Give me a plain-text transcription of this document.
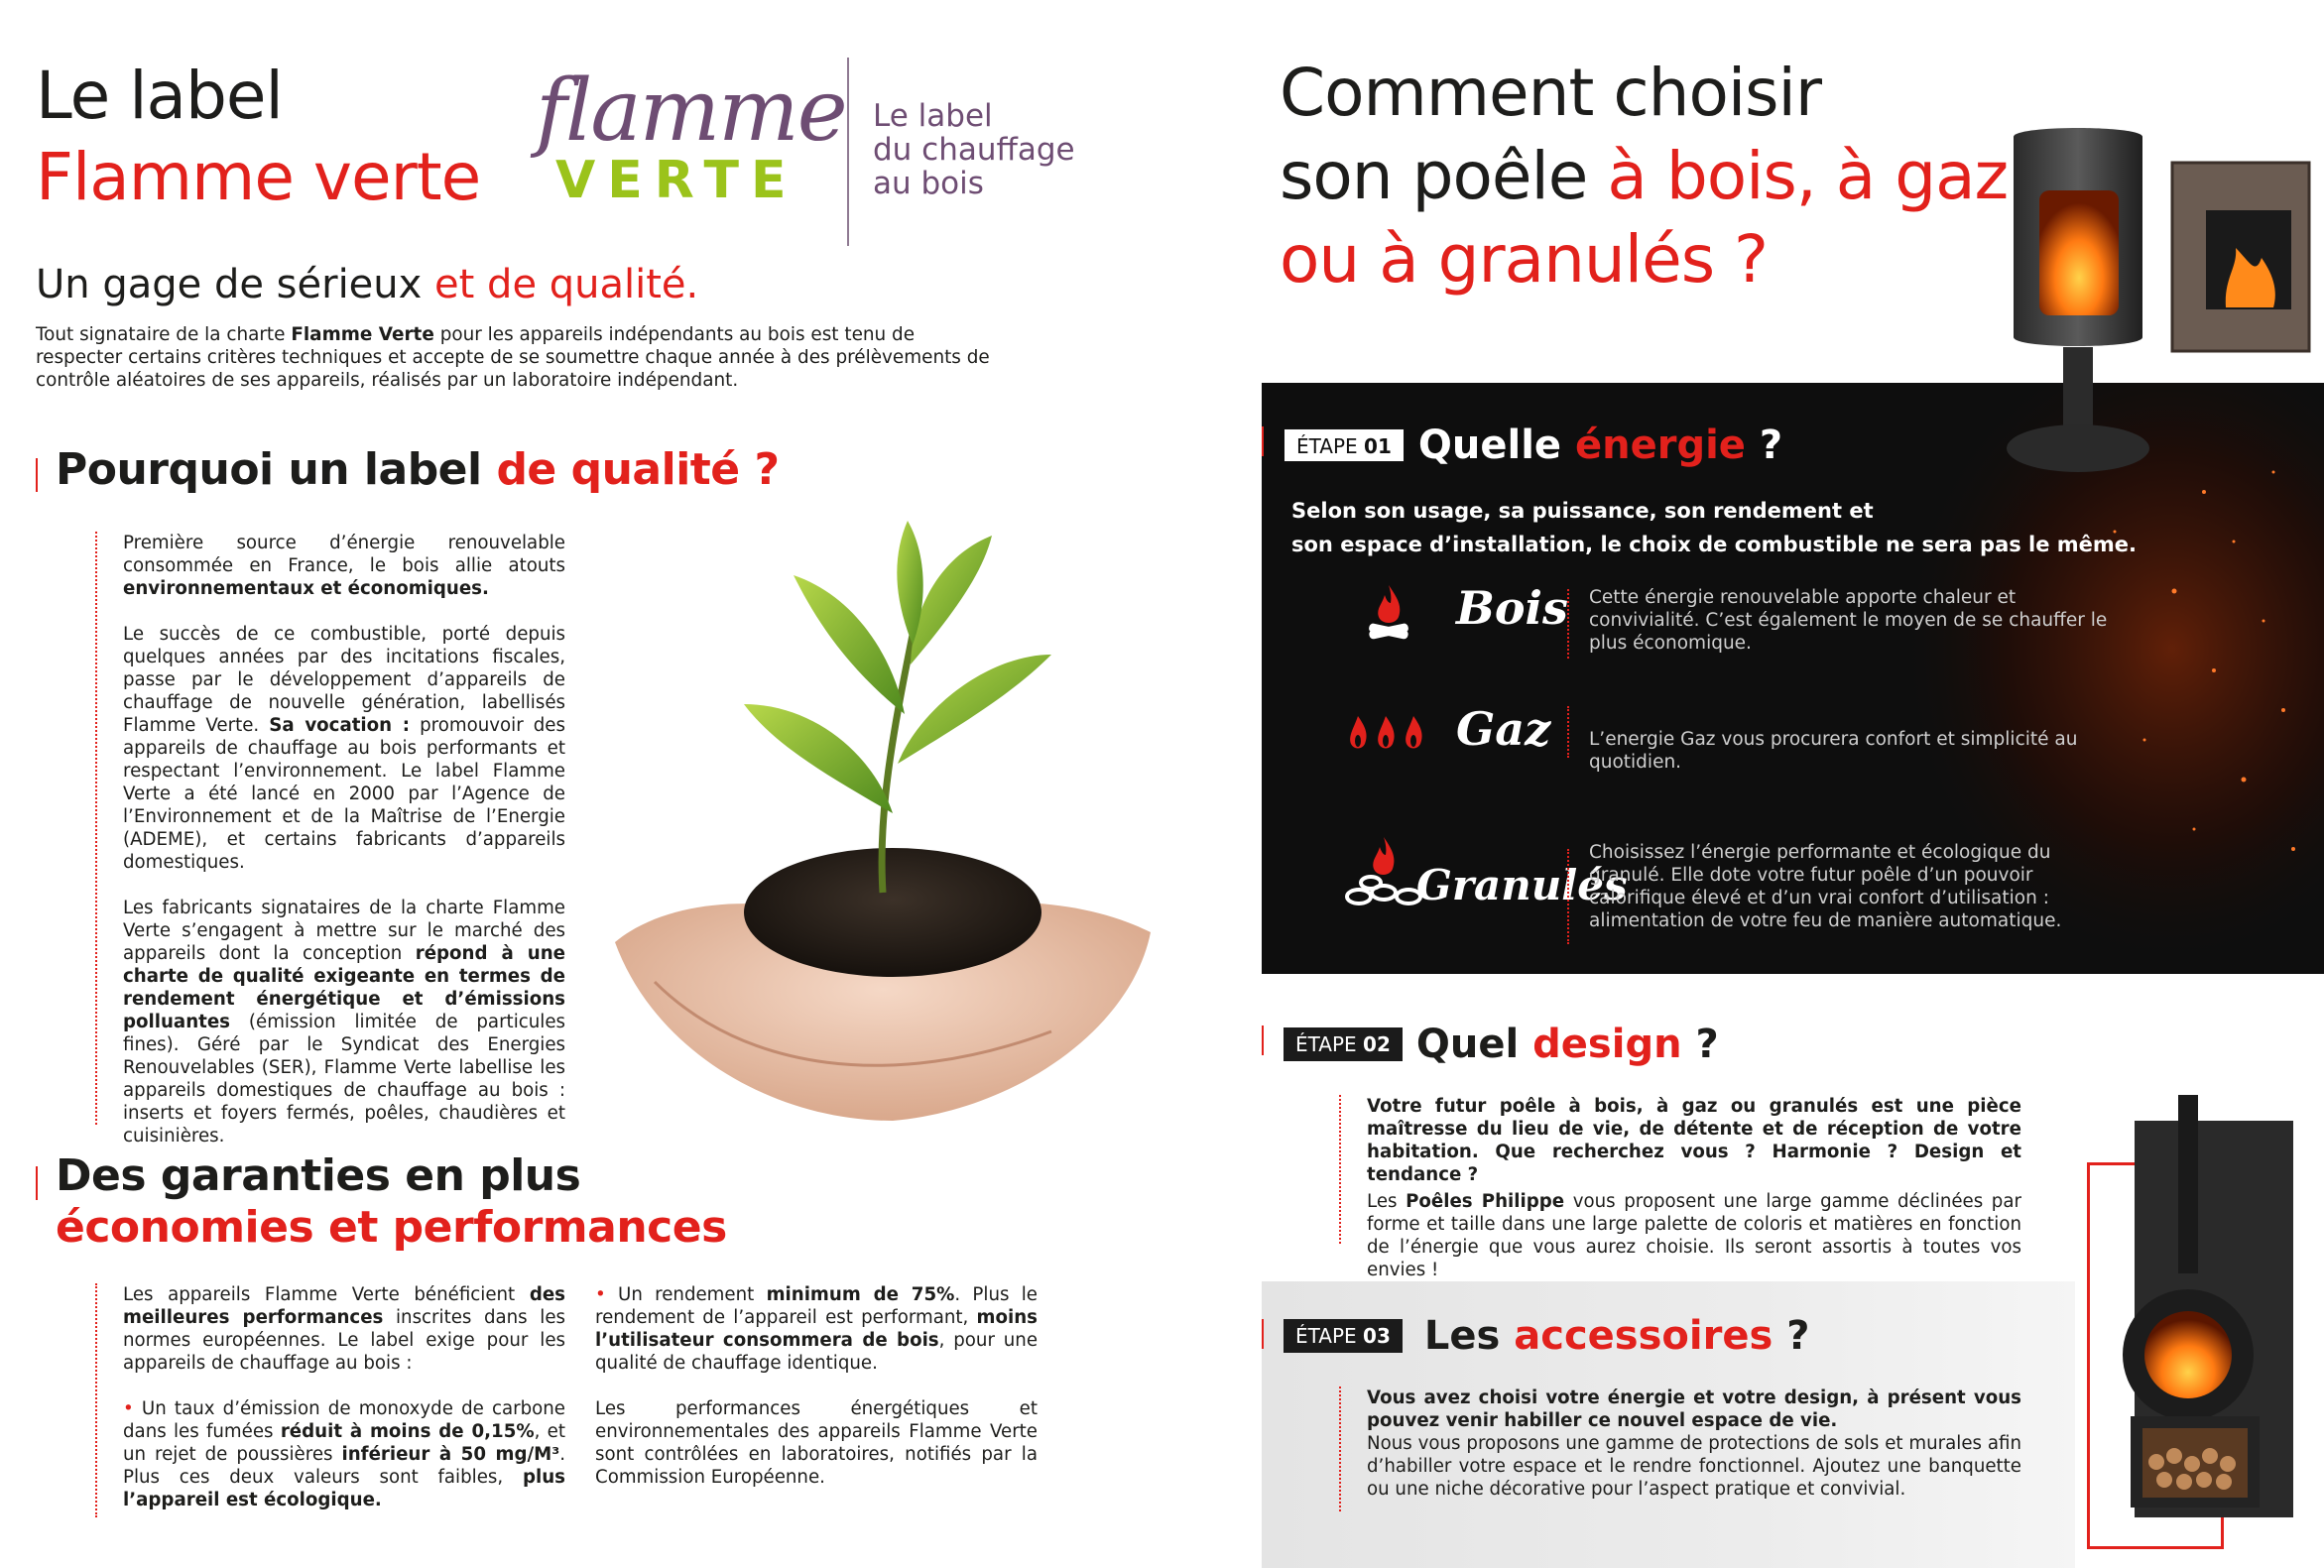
Le label
Flamme verte
flamme
VERTE
Le label
du chauffage
au bois
Un gage de sérieux et de qualité.
Tout signataire de la charte Flamme Verte pour les appareils indépendants au bois est tenu de respecter certains critères techniques et accepte de se soumettre chaque année à des prélèvements de contrôle aléatoires de ses appareils, réalisés par un laboratoire indépendant.
Pourquoi un label de qualité ?

Première source d’énergie renouvelable consommée en France, le bois allie atouts environnementaux et économiques.

Le succès de ce combustible, porté depuis quelques années par des incitations fiscales, passe par le développement d’appareils de chauffage de nouvelle génération, labellisés Flamme Verte. Sa vocation : promouvoir des appareils de chauffage au bois performants et respectant l’environnement. Le label Flamme Verte a été lancé en 2000 par l’Agence de l’Environnement et de la Maîtrise de l’Energie (ADEME), et certains fabricants d’appareils domestiques.

Les fabricants signataires de la charte Flamme Verte s’engagent à mettre sur le marché des appareils dont la conception répond à une charte de qualité exigeante en termes de rendement énergétique et d’émissions polluantes (émission limitée de particules fines). Géré par le Syndicat des Energies Renouvelables (SER), Flamme Verte labellise les appareils domestiques de chauffage au bois : inserts et foyers fermés, poêles, chaudières et cuisinières.

Des garanties en plus
économies et performances

Les appareils Flamme Verte bénéficient des meilleures performances inscrites dans les normes européennes. Le label exige pour les appareils de chauffage au bois :

• Un taux d’émission de monoxyde de carbone dans les fumées réduit à moins de 0,15%, et un rejet de poussières inférieur à 50 mg/M³. Plus ces deux valeurs sont faibles, plus l’appareil est écologique.

• Un rendement minimum de 75%. Plus le rendement de l’appareil est performant, moins l’utilisateur consommera de bois, pour une qualité de chauffage identique.

Les performances énergétiques et environnementales des appareils Flamme Verte sont contrôlées en laboratoires, notifiés par la Commission Européenne.

Comment choisir
son poêle à bois, à gaz
ou à granulés ?
ÉTAPE 01 Quelle énergie ?
Selon son usage, sa puissance, son rendement et
son espace d’installation, le choix de combustible ne sera pas le même.
Bois Cette énergie renouvelable apporte chaleur et convivialité. C’est également le moyen de se chauffer le plus économique.
Gaz L’energie Gaz vous procurera confort et simplicité au quotidien.
Granulés
Choisissez l’énergie performante et écologique du granulé. Elle dote votre futur poêle d’un pouvoir calorifique élevé et d’un vrai confort d’utilisation : alimentation de votre feu de manière automatique.
ÉTAPE 02 Quel design ?

Votre futur poêle à bois, à gaz ou granulés est une pièce maîtresse du lieu de vie, de détente et de réception de votre habitation. Que recherchez vous ? Harmonie ? Design et tendance ?

Les Poêles Philippe vous proposent une large gamme déclinées par forme et taille dans une large palette de coloris et matières en fonction de l’énergie que vous aurez choisie. Ils seront assortis à toutes vos envies !

ÉTAPE 03 Les accessoires ?

Vous avez choisi votre énergie et votre design, à présent vous pouvez venir habiller ce nouvel espace de vie.

Nous vous proposons une gamme de protections de sols et murales afin d’habiller votre espace et le rendre fonctionnel. Ajoutez une banquette ou une niche décorative pour l’aspect pratique et convivial.
